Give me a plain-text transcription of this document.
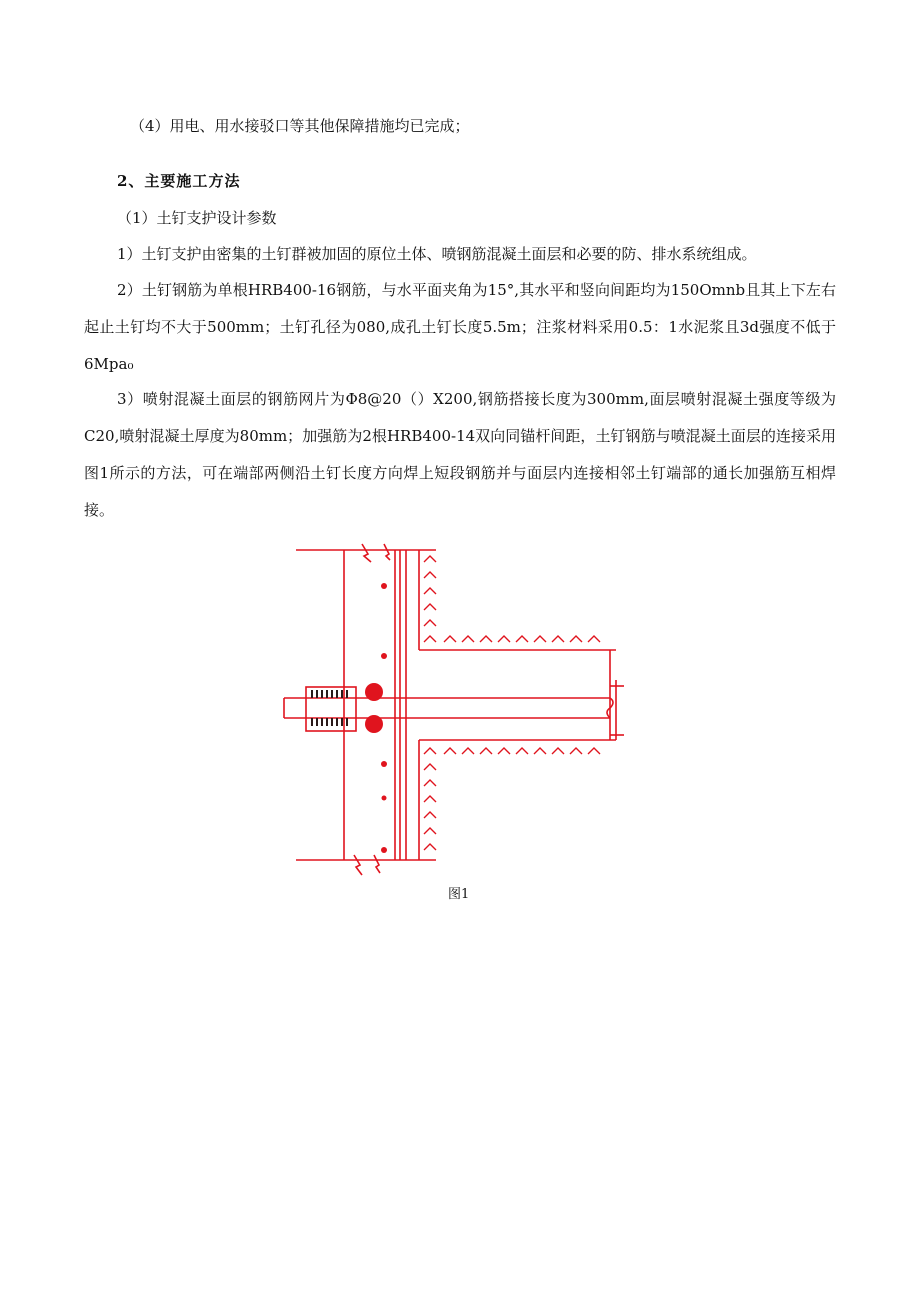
（4）用电、用水接驳口等其他保障措施均已完成；
2、主要施工方法
（1）土钉支护设计参数
1）土钉支护由密集的土钉群被加固的原位土体、喷钢筋混凝土面层和必要的防、排水系统组成。
2）土钉钢筋为单根HRB400-16钢筋，与水平面夹角为15°,其水平和竖向间距均为150Omnb且其上下左右起止土钉均不大于500mm；土钉孔径为080,成孔土钉长度5.5m；注浆材料采用0.5：1水泥浆且3d强度不低于6Mpa₀
3）喷射混凝土面层的钢筋网片为Φ8@20（）X200,钢筋搭接长度为300mm,面层喷射混凝土强度等级为C20,喷射混凝土厚度为80mm；加强筋为2根HRB400-14双向同锚杆间距，土钉钢筋与喷混凝土面层的连接采用图1所示的方法，可在端部两侧沿土钉长度方向焊上短段钢筋并与面层内连接相邻土钉端部的通长加强筋互相焊接。
图1
